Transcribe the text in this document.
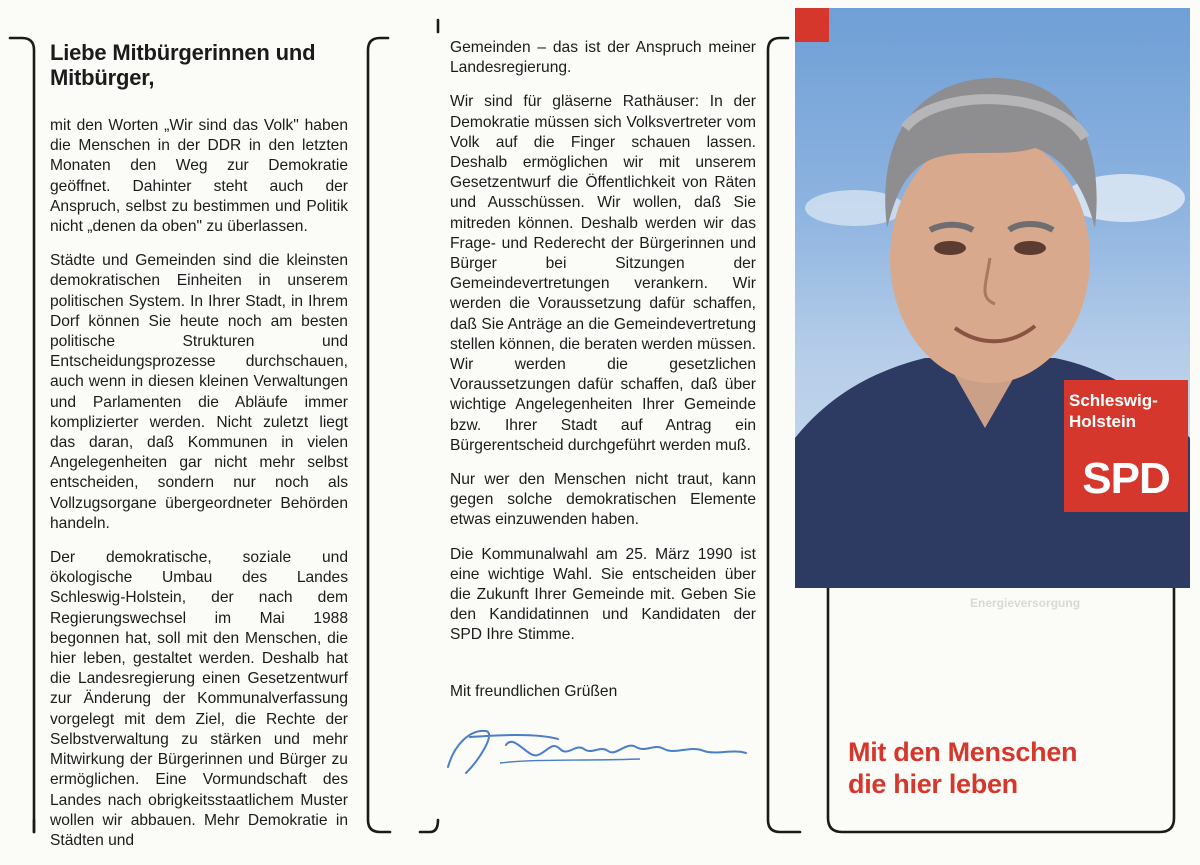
Liebe Mitbürgerinnen und Mitbürger,

mit den Worten „Wir sind das Volk" haben die Menschen in der DDR in den letzten Monaten den Weg zur Demokratie geöffnet. Dahinter steht auch der Anspruch, selbst zu bestimmen und Politik nicht „denen da oben" zu überlassen.

Städte und Gemeinden sind die kleinsten demokratischen Einheiten in unserem politischen System. In Ihrer Stadt, in Ihrem Dorf können Sie heute noch am besten politische Strukturen und Entscheidungsprozesse durchschauen, auch wenn in diesen kleinen Verwaltungen und Parlamenten die Abläufe immer komplizierter werden. Nicht zuletzt liegt das daran, daß Kommunen in vielen Angelegenheiten gar nicht mehr selbst entscheiden, sondern nur noch als Vollzugsorgane übergeordneter Behörden handeln.

Der demokratische, soziale und ökologische Umbau des Landes Schleswig-Holstein, der nach dem Regierungswechsel im Mai 1988 begonnen hat, soll mit den Menschen, die hier leben, gestaltet werden. Deshalb hat die Landesregierung einen Gesetzentwurf zur Änderung der Kommunalverfassung vorgelegt mit dem Ziel, die Rechte der Selbstverwaltung zu stärken und mehr Mitwirkung der Bürgerinnen und Bürger zu ermöglichen. Eine Vormundschaft des Landes nach obrigkeitsstaatlichem Muster wollen wir abbauen. Mehr Demokratie in Städten und

Gemeinden – das ist der Anspruch meiner Landesregierung.

Wir sind für gläserne Rathäuser: In der Demokratie müssen sich Volksvertreter vom Volk auf die Finger schauen lassen. Deshalb ermöglichen wir mit unserem Gesetzentwurf die Öffentlichkeit von Räten und Ausschüssen. Wir wollen, daß Sie mitreden können. Deshalb werden wir das Frage- und Rederecht der Bürgerinnen und Bürger bei Sitzungen der Gemeindevertretungen verankern. Wir werden die Voraussetzung dafür schaffen, daß Sie Anträge an die Gemeindevertretung stellen können, die beraten werden müssen. Wir werden die gesetzlichen Voraussetzungen dafür schaffen, daß über wichtige Angelegenheiten Ihrer Gemeinde bzw. Ihrer Stadt auf Antrag ein Bürgerentscheid durchgeführt werden muß.

Nur wer den Menschen nicht traut, kann gegen solche demokratischen Elemente etwas einzuwenden haben.

Die Kommunalwahl am 25. März 1990 ist eine wichtige Wahl. Sie entscheiden über die Zukunft Ihrer Gemeinde mit. Geben Sie den Kandidatinnen und Kandidaten der SPD Ihre Stimme.

Mit freundlichen Grüßen
Schleswig-Holstein
SPD
Energieversorgung
Mit den Menschen
die hier leben
